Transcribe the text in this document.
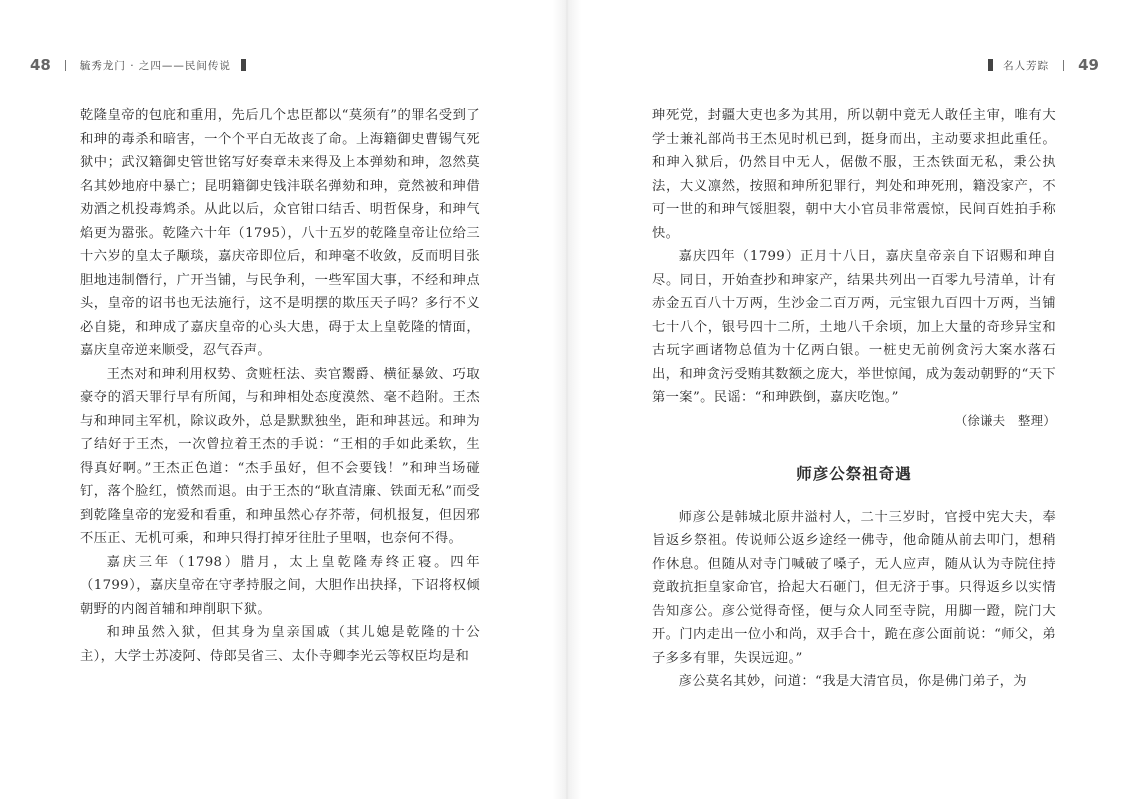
48	毓秀龙门 · 之四——民间传说	名人芳踪 49

乾隆皇帝的包庇和重用，先后几个忠臣都以“莫须有”的罪名受到了和珅的毒杀和暗害，一个个平白无故丧了命。上海籍御史曹锡气死狱中；武汉籍御史管世铭写好奏章未来得及上本弹劾和珅，忽然莫名其妙地府中暴亡；昆明籍御史钱沣联名弹劾和珅，竟然被和珅借劝酒之机投毒鸩杀。从此以后，众官钳口结舌、明哲保身，和珅气焰更为嚣张。乾隆六十年（1795），八十五岁的乾隆皇帝让位给三十六岁的皇太子颙琰，嘉庆帝即位后，和珅毫不收敛，反而明目张胆地违制僭行，广开当铺，与民争利，一些军国大事，不经和珅点头，皇帝的诏书也无法施行，这不是明摆的欺压天子吗？多行不义必自毙，和珅成了嘉庆皇帝的心头大患，碍于太上皇乾隆的情面，嘉庆皇帝逆来顺受，忍气吞声。

王杰对和珅利用权势、贪赃枉法、卖官鬻爵、横征暴敛、巧取豪夺的滔天罪行早有所闻，与和珅相处态度漠然、毫不趋附。王杰与和珅同主军机，除议政外，总是默默独坐，距和珅甚远。和珅为了结好于王杰，一次曾拉着王杰的手说：“王相的手如此柔软，生得真好啊。”王杰正色道：“杰手虽好，但不会要钱！”和珅当场碰钉，落个脸红，愤然而退。由于王杰的“耿直清廉、铁面无私”而受到乾隆皇帝的宠爱和看重，和珅虽然心存芥蒂，伺机报复，但因邪不压正、无机可乘，和珅只得打掉牙往肚子里咽，也奈何不得。

嘉庆三年（1798）腊月，太上皇乾隆寿终正寝。四年（1799），嘉庆皇帝在守孝持服之间，大胆作出抉择，下诏将权倾朝野的内阁首辅和珅削职下狱。

和珅虽然入狱，但其身为皇亲国戚（其儿媳是乾隆的十公主），大学士苏凌阿、侍郎吴省三、太仆寺卿李光云等权臣均是和

珅死党，封疆大吏也多为其用，所以朝中竟无人敢任主审，唯有大学士兼礼部尚书王杰见时机已到，挺身而出，主动要求担此重任。和珅入狱后，仍然目中无人，倨傲不服，王杰铁面无私，秉公执法，大义凛然，按照和珅所犯罪行，判处和珅死刑，籍没家产，不可一世的和珅气馁胆裂，朝中大小官员非常震惊，民间百姓拍手称快。

嘉庆四年（1799）正月十八日，嘉庆皇帝亲自下诏赐和珅自尽。同日，开始查抄和珅家产，结果共列出一百零九号清单，计有赤金五百八十万两，生沙金二百万两，元宝银九百四十万两，当铺七十八个，银号四十二所，土地八千余顷，加上大量的奇珍异宝和古玩字画诸物总值为十亿两白银。一桩史无前例贪污大案水落石出，和珅贪污受贿其数额之庞大，举世惊闻，成为轰动朝野的“天下第一案”。民谣：“和珅跌倒，嘉庆吃饱。”

（徐谦夫　整理）

师彦公祭祖奇遇

师彦公是韩城北原井溢村人，二十三岁时，官授中宪大夫，奉旨返乡祭祖。传说师公返乡途经一佛寺，他命随从前去叩门，想稍作休息。但随从对寺门喊破了嗓子，无人应声，随从认为寺院住持竟敢抗拒皇家命官，拾起大石砸门，但无济于事。只得返乡以实情告知彦公。彦公觉得奇怪，便与众人同至寺院，用脚一蹬，院门大开。门内走出一位小和尚，双手合十，跪在彦公面前说：“师父，弟子多多有罪，失误远迎。”

彦公莫名其妙，问道：“我是大清官员，你是佛门弟子，为
